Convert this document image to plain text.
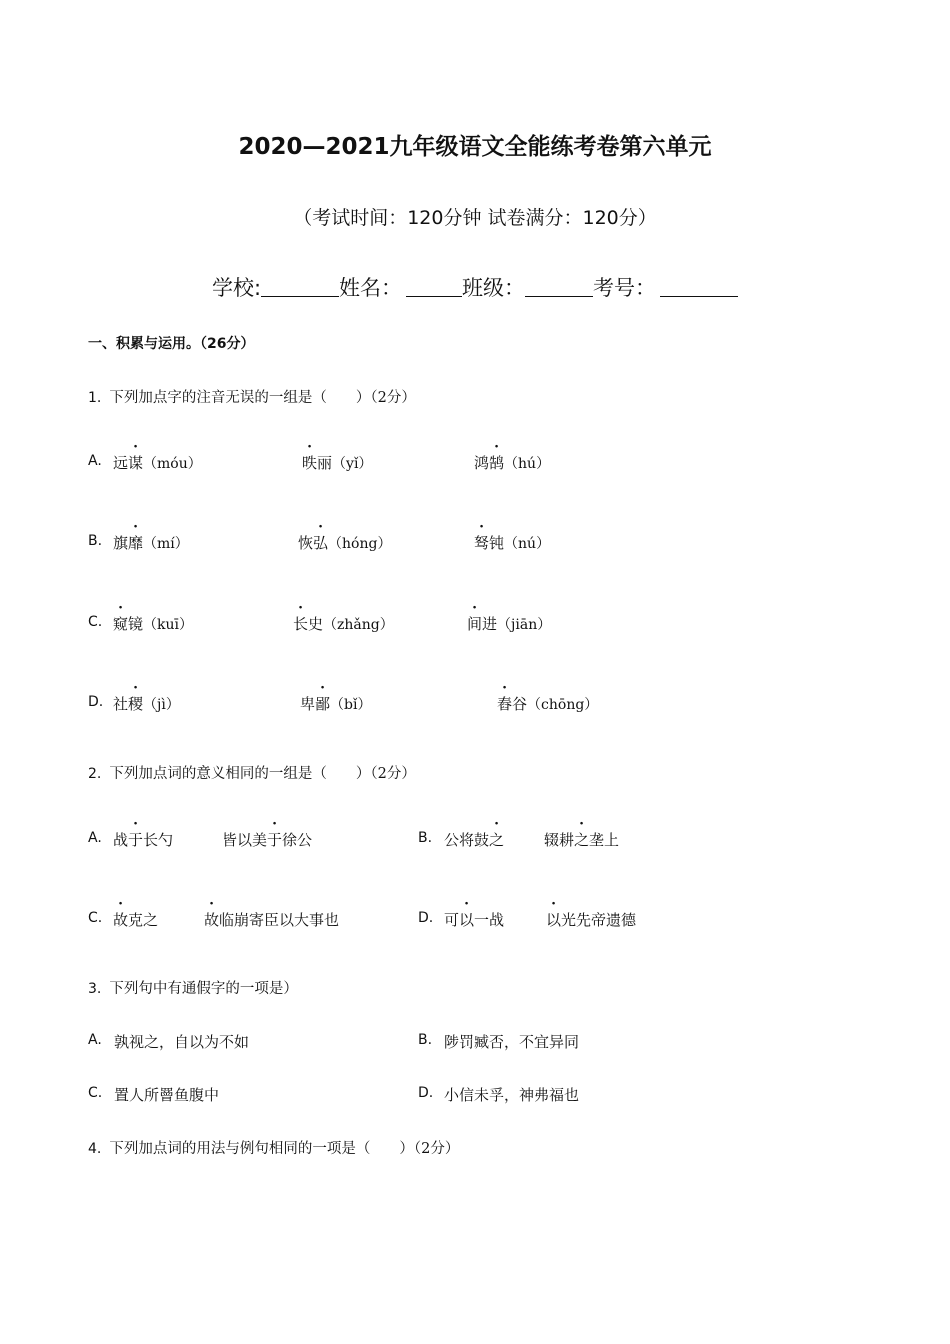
2020—2021九年级语文全能练考卷第六单元
（考试时间：120分钟 试卷满分：120分）
学校:	姓名：	班级：	考号：
一、积累与运用。（26分）
1. 下列加点字的注音无误的一组是（　　）（2分）
A. 远谋（móu）	昳丽（yǐ）	鸿鹄（hú）
B. 旗靡（mí）	恢弘（hóng）	驽钝（nú）
C. 窥镜（kuī）	长史（zhǎng）	间进（jiān）
D. 社稷（jì）	卑鄙（bǐ）	舂谷（chōng）
2. 下列加点词的意义相同的一组是（　　）（2分）
A. 战于长勺	皆以美于徐公	B. 公将鼓之	辍耕之垄上
C. 故克之	故临崩寄臣以大事也	D. 可以一战	以光先帝遗德
3. 下列句中有通假字的一项是）
A. 孰视之，自以为不如	B. 陟罚臧否，不宜异同
C. 置人所罾鱼腹中	D. 小信未孚，神弗福也
4. 下列加点词的用法与例句相同的一项是（　　）（2分）
